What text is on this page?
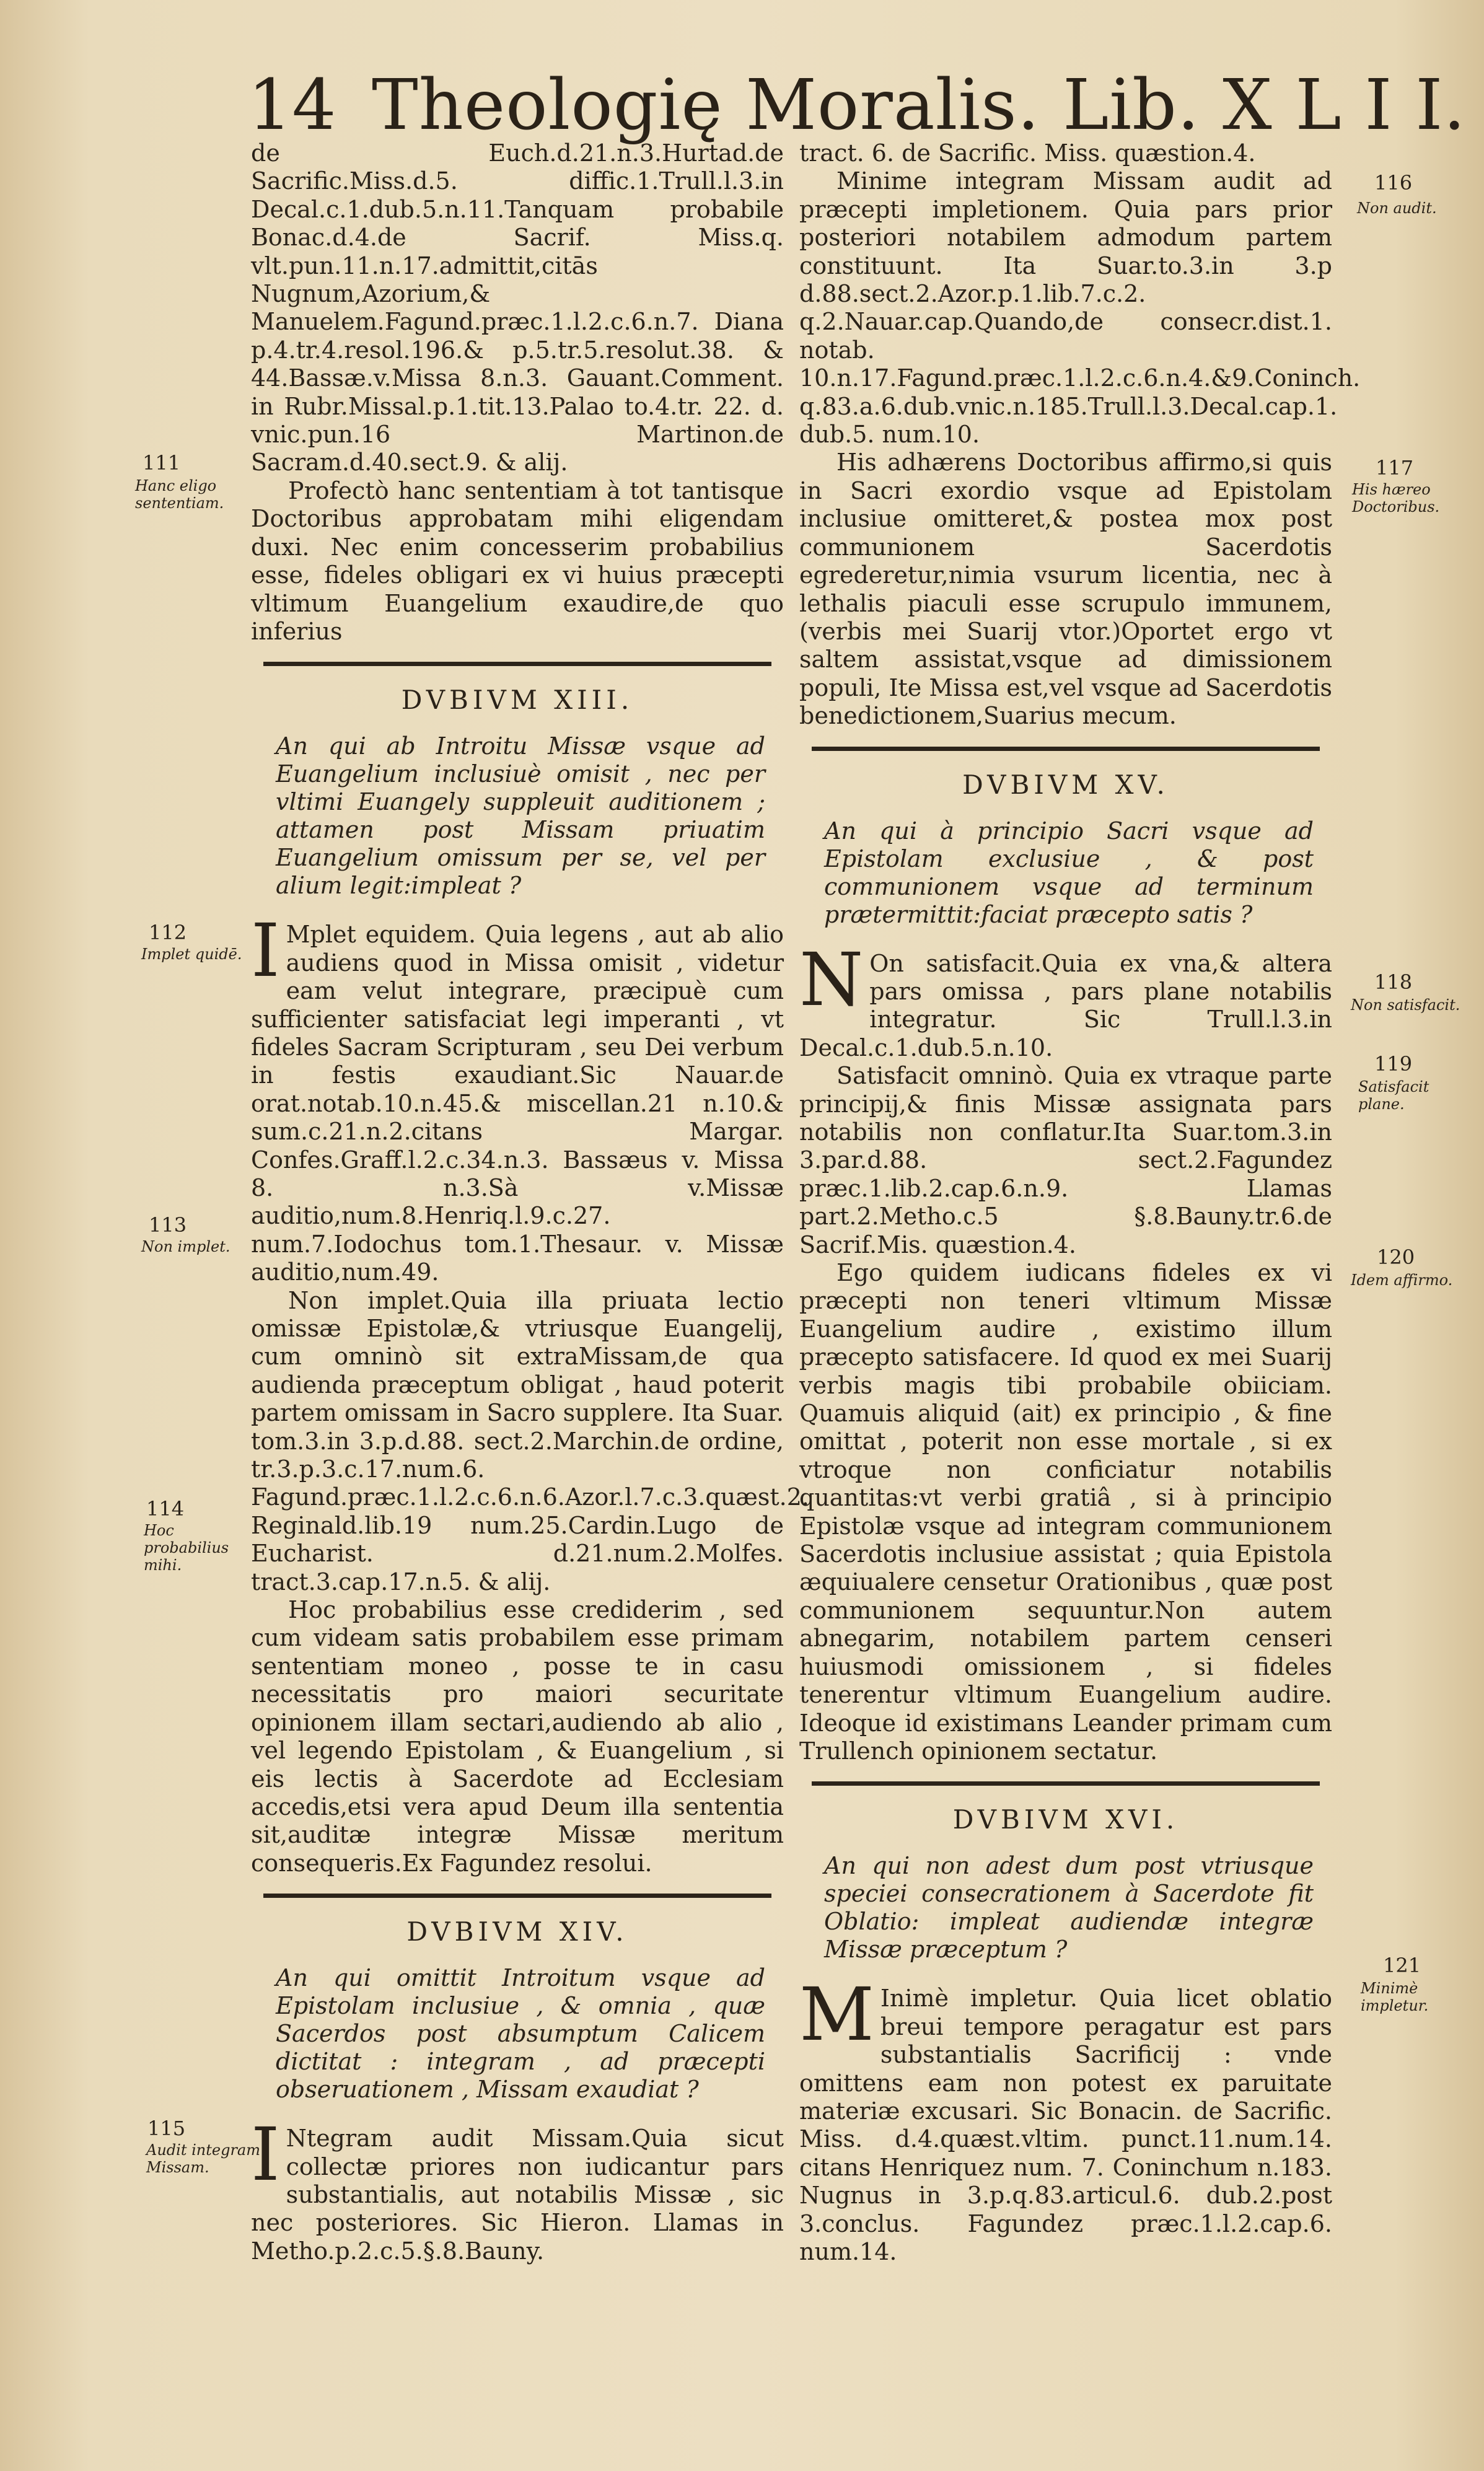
14 Theologię Moralis. Lib. X L I I.

de Euch.d.21.n.3.Hurtad.de Sacrific.Miss.d.5. diffic.1.Trull.l.3.in Decal.c.1.dub.5.n.11.Tanquam probabile Bonac.d.4.de Sacrif. Miss.q. vlt.pun.11.n.17.admittit,citās Nugnum,Azorium,& Manuelem.Fagund.præc.1.l.2.c.6.n.7. Diana p.4.tr.4.resol.196.& p.5.tr.5.resolut.38. & 44.Bassæ.v.Missa 8.n.3. Gauant.Comment. in Rubr.Missal.p.1.tit.13.Palao to.4.tr. 22. d. vnic.pun.16 Martinon.de Sacram.d.40.sect.9. & alij.

Profectò hanc sententiam à tot tantisque Doctoribus approbatam mihi eligendam duxi. Nec enim concesserim probabilius esse, fideles obligari ex vi huius præcepti vltimum Euangelium exaudire,de quo inferius

DVBIVM XIII.

An qui ab Introitu Missæ vsque ad Euangelium inclusiuè omisit , nec per vltimi Euangely suppleuit auditionem ; attamen post Missam priuatim Euangelium omissum per se, vel per alium legit:impleat ?

I Mplet equidem. Quia legens , aut ab alio audiens quod in Missa omisit , videtur eam velut integrare, præcipuè cum sufficienter satisfaciat legi imperanti , vt fideles Sacram Scripturam , seu Dei verbum in festis exaudiant.Sic Nauar.de orat.notab.10.n.45.& miscellan.21 n.10.& sum.c.21.n.2.citans Margar. Confes.Graff.l.2.c.34.n.3. Bassæus v. Missa 8. n.3.Sà v.Missæ auditio,num.8.Henriq.l.9.c.27. num.7.Iodochus tom.1.Thesaur. v. Missæ auditio,num.49.

Non implet.Quia illa priuata lectio omissæ Epistolæ,& vtriusque Euangelij, cum omninò sit extraMissam,de qua audienda præceptum obligat , haud poterit partem omissam in Sacro supplere. Ita Suar. tom.3.in 3.p.d.88. sect.2.Marchin.de ordine, tr.3.p.3.c.17.num.6. Fagund.præc.1.l.2.c.6.n.6.Azor.l.7.c.3.quæst.2. Reginald.lib.19 num.25.Cardin.Lugo de Eucharist. d.21.num.2.Molfes. tract.3.cap.17.n.5. & alij.

Hoc probabilius esse crediderim , sed cum videam satis probabilem esse primam sententiam moneo , posse te in casu necessitatis pro maiori securitate opinionem illam sectari,audiendo ab alio , vel legendo Epistolam , & Euangelium , si eis lectis à Sacerdote ad Ecclesiam accedis,etsi vera apud Deum illa sententia sit,auditæ integræ Missæ meritum consequeris.Ex Fagundez resolui.

DVBIVM XIV.

An qui omittit Introitum vsque ad Epistolam inclusiue , & omnia , quæ Sacerdos post absumptum Calicem dictitat : integram , ad præcepti obseruationem , Missam exaudiat ?

I Ntegram audit Missam.Quia sicut collectæ priores non iudicantur pars substantialis, aut notabilis Missæ , sic nec posteriores. Sic Hieron. Llamas in Metho.p.2.c.5.§.8.Bauny.

tract. 6. de Sacrific. Miss. quæstion.4.

Minime integram Missam audit ad præcepti impletionem. Quia pars prior posteriori notabilem admodum partem constituunt. Ita Suar.to.3.in 3.p d.88.sect.2.Azor.p.1.lib.7.c.2. q.2.Nauar.cap.Quando,de consecr.dist.1. notab. 10.n.17.Fagund.præc.1.l.2.c.6.n.4.&9.Coninch. q.83.a.6.dub.vnic.n.185.Trull.l.3.Decal.cap.1. dub.5. num.10.

His adhærens Doctoribus affirmo,si quis in Sacri exordio vsque ad Epistolam inclusiue omitteret,& postea mox post communionem Sacerdotis egrederetur,nimia vsurum licentia, nec à lethalis piaculi esse scrupulo immunem, (verbis mei Suarij vtor.)Oportet ergo vt saltem assistat,vsque ad dimissionem populi, Ite Missa est,vel vsque ad Sacerdotis benedictionem,Suarius mecum.

DVBIVM XV.

An qui à principio Sacri vsque ad Epistolam exclusiue , & post communionem vsque ad terminum prætermittit:faciat præcepto satis ?

N On satisfacit.Quia ex vna,& altera pars omissa , pars plane notabilis integratur. Sic Trull.l.3.in Decal.c.1.dub.5.n.10.

Satisfacit omninò. Quia ex vtraque parte principij,& finis Missæ assignata pars notabilis non conflatur.Ita Suar.tom.3.in 3.par.d.88. sect.2.Fagundez præc.1.lib.2.cap.6.n.9. Llamas part.2.Metho.c.5 §.8.Bauny.tr.6.de Sacrif.Mis. quæstion.4.

Ego quidem iudicans fideles ex vi præcepti non teneri vltimum Missæ Euangelium audire , existimo illum præcepto satisfacere. Id quod ex mei Suarij verbis magis tibi probabile obiiciam. Quamuis aliquid (ait) ex principio , & fine omittat , poterit non esse mortale , si ex vtroque non conficiatur notabilis quantitas:vt verbi gratiâ , si à principio Epistolæ vsque ad integram communionem Sacerdotis inclusiue assistat ; quia Epistola æquiualere censetur Orationibus , quæ post communionem sequuntur.Non autem abnegarim, notabilem partem censeri huiusmodi omissionem , si fideles tenerentur vltimum Euangelium audire. Ideoque id existimans Leander primam cum Trullench opinionem sectatur.

DVBIVM XVI.

An qui non adest dum post vtriusque speciei consecrationem à Sacerdote fit Oblatio: impleat audiendæ integræ Missæ præceptum ?

M Inimè impletur. Quia licet oblatio breui tempore peragatur est pars substantialis Sacrificij : vnde omittens eam non potest ex paruitate materiæ excusari. Sic Bonacin. de Sacrific. Miss. d.4.quæst.vltim. punct.11.num.14. citans Henriquez num. 7. Coninchum n.183. Nugnus in 3.p.q.83.articul.6. dub.2.post 3.conclus. Fagundez præc.1.l.2.cap.6. num.14.

111
Hanc eligo sententiam.
112
Implet quidē.
113
Non implet.
114
Hoc probabilius mihi.
115
Audit integram Missam.
116
Non audit.
117
His hæreo Doctoribus.
118
Non satisfacit.
119
Satisfacit plane.
120
Idem affirmo.
121
Minimè impletur.
